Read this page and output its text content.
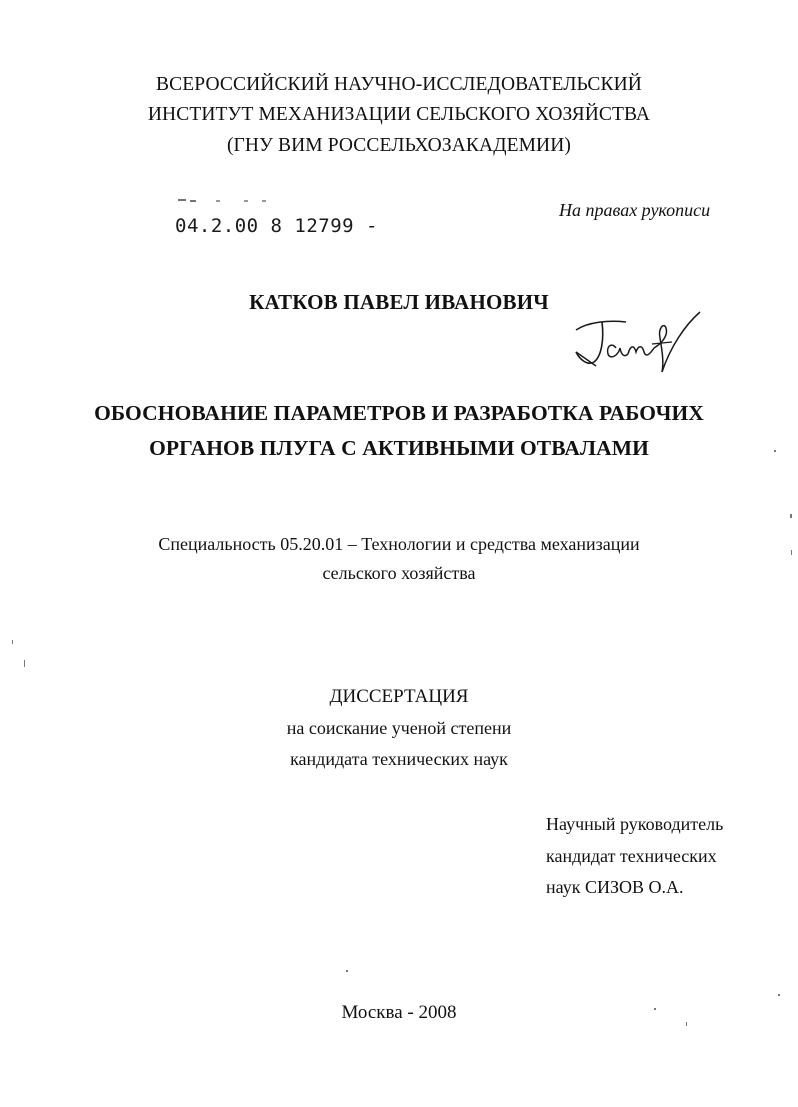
ВСЕРОССИЙСКИЙ НАУЧНО-ИССЛЕДОВАТЕЛЬСКИЙ
ИНСТИТУТ МЕХАНИЗАЦИИ СЕЛЬСКОГО ХОЗЯЙСТВА
(ГНУ ВИМ РОССЕЛЬХОЗАКАДЕМИИ)
04.2.00 8 12799 -
На правах рукописи
КАТКОВ ПАВЕЛ ИВАНОВИЧ
ОБОСНОВАНИЕ ПАРАМЕТРОВ И РАЗРАБОТКА РАБОЧИХ
ОРГАНОВ ПЛУГА С АКТИВНЫМИ ОТВАЛАМИ
Специальность 05.20.01 – Технологии и средства механизации
сельского хозяйства
ДИССЕРТАЦИЯ
на соискание ученой степени
кандидата технических наук
Научный руководитель
кандидат технических
наук СИЗОВ О.А.
Москва - 2008
